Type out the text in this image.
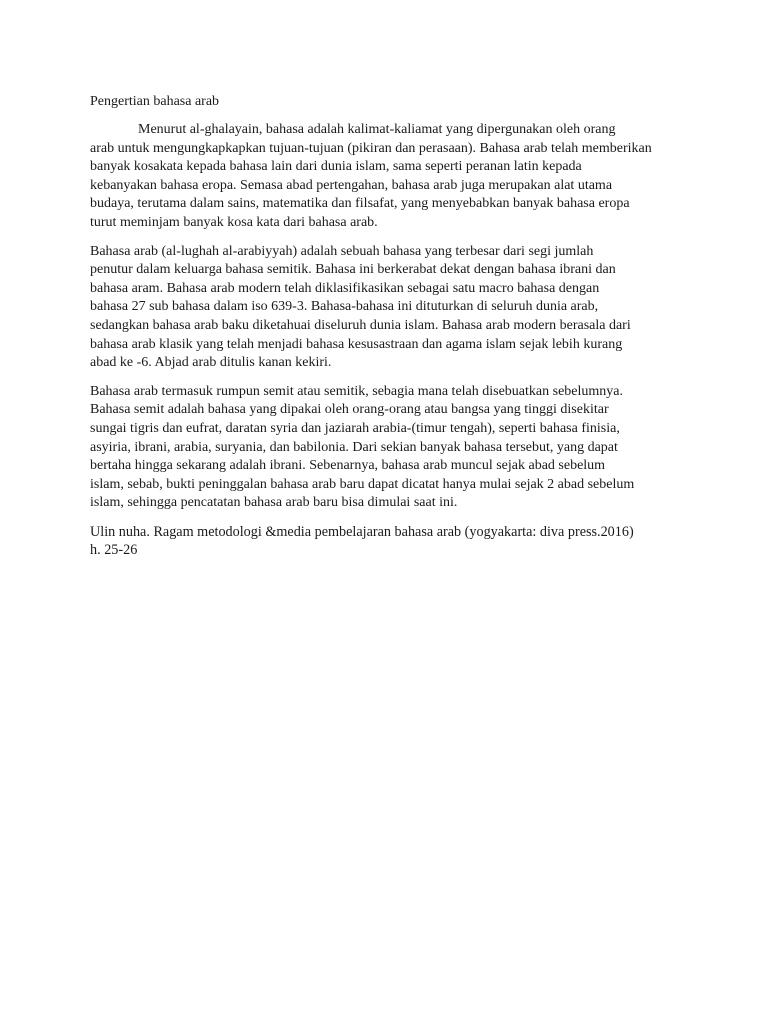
Pengertian bahasa arab

Menurut al-ghalayain, bahasa adalah kalimat-kaliamat yang dipergunakan oleh orang
arab untuk mengungkapkapkan tujuan-tujuan (pikiran dan perasaan). Bahasa arab telah memberikan
banyak kosakata kepada bahasa lain dari dunia islam, sama seperti peranan latin kepada
kebanyakan bahasa eropa. Semasa abad pertengahan, bahasa arab juga merupakan alat utama
budaya, terutama dalam sains, matematika dan filsafat, yang menyebabkan banyak bahasa eropa
turut meminjam banyak kosa kata dari bahasa arab.

Bahasa arab (al-lughah al-arabiyyah) adalah sebuah bahasa yang terbesar dari segi jumlah
penutur dalam keluarga bahasa semitik. Bahasa ini berkerabat dekat dengan bahasa ibrani dan
bahasa aram. Bahasa arab modern telah diklasifikasikan sebagai satu macro bahasa dengan
bahasa 27 sub bahasa dalam iso 639-3. Bahasa-bahasa ini dituturkan di seluruh dunia arab,
sedangkan bahasa arab baku diketahuai diseluruh dunia islam. Bahasa arab modern berasala dari
bahasa arab klasik yang telah menjadi bahasa kesusastraan dan agama islam sejak lebih kurang
abad ke -6. Abjad arab ditulis kanan kekiri.

Bahasa arab termasuk rumpun semit atau semitik, sebagia mana telah disebuatkan sebelumnya.
Bahasa semit adalah bahasa yang dipakai oleh orang-orang atau bangsa yang tinggi disekitar
sungai tigris dan eufrat, daratan syria dan jaziarah arabia-(timur tengah), seperti bahasa finisia,
asyiria, ibrani, arabia, suryania, dan babilonia. Dari sekian banyak bahasa tersebut, yang dapat
bertaha hingga sekarang adalah ibrani. Sebenarnya, bahasa arab muncul sejak abad sebelum
islam, sebab, bukti peninggalan bahasa arab baru dapat dicatat hanya mulai sejak 2 abad sebelum
islam, sehingga pencatatan bahasa arab baru bisa dimulai saat ini.

Ulin nuha. Ragam metodologi &media pembelajaran bahasa arab (yogyakarta: diva press.2016)
h. 25-26
